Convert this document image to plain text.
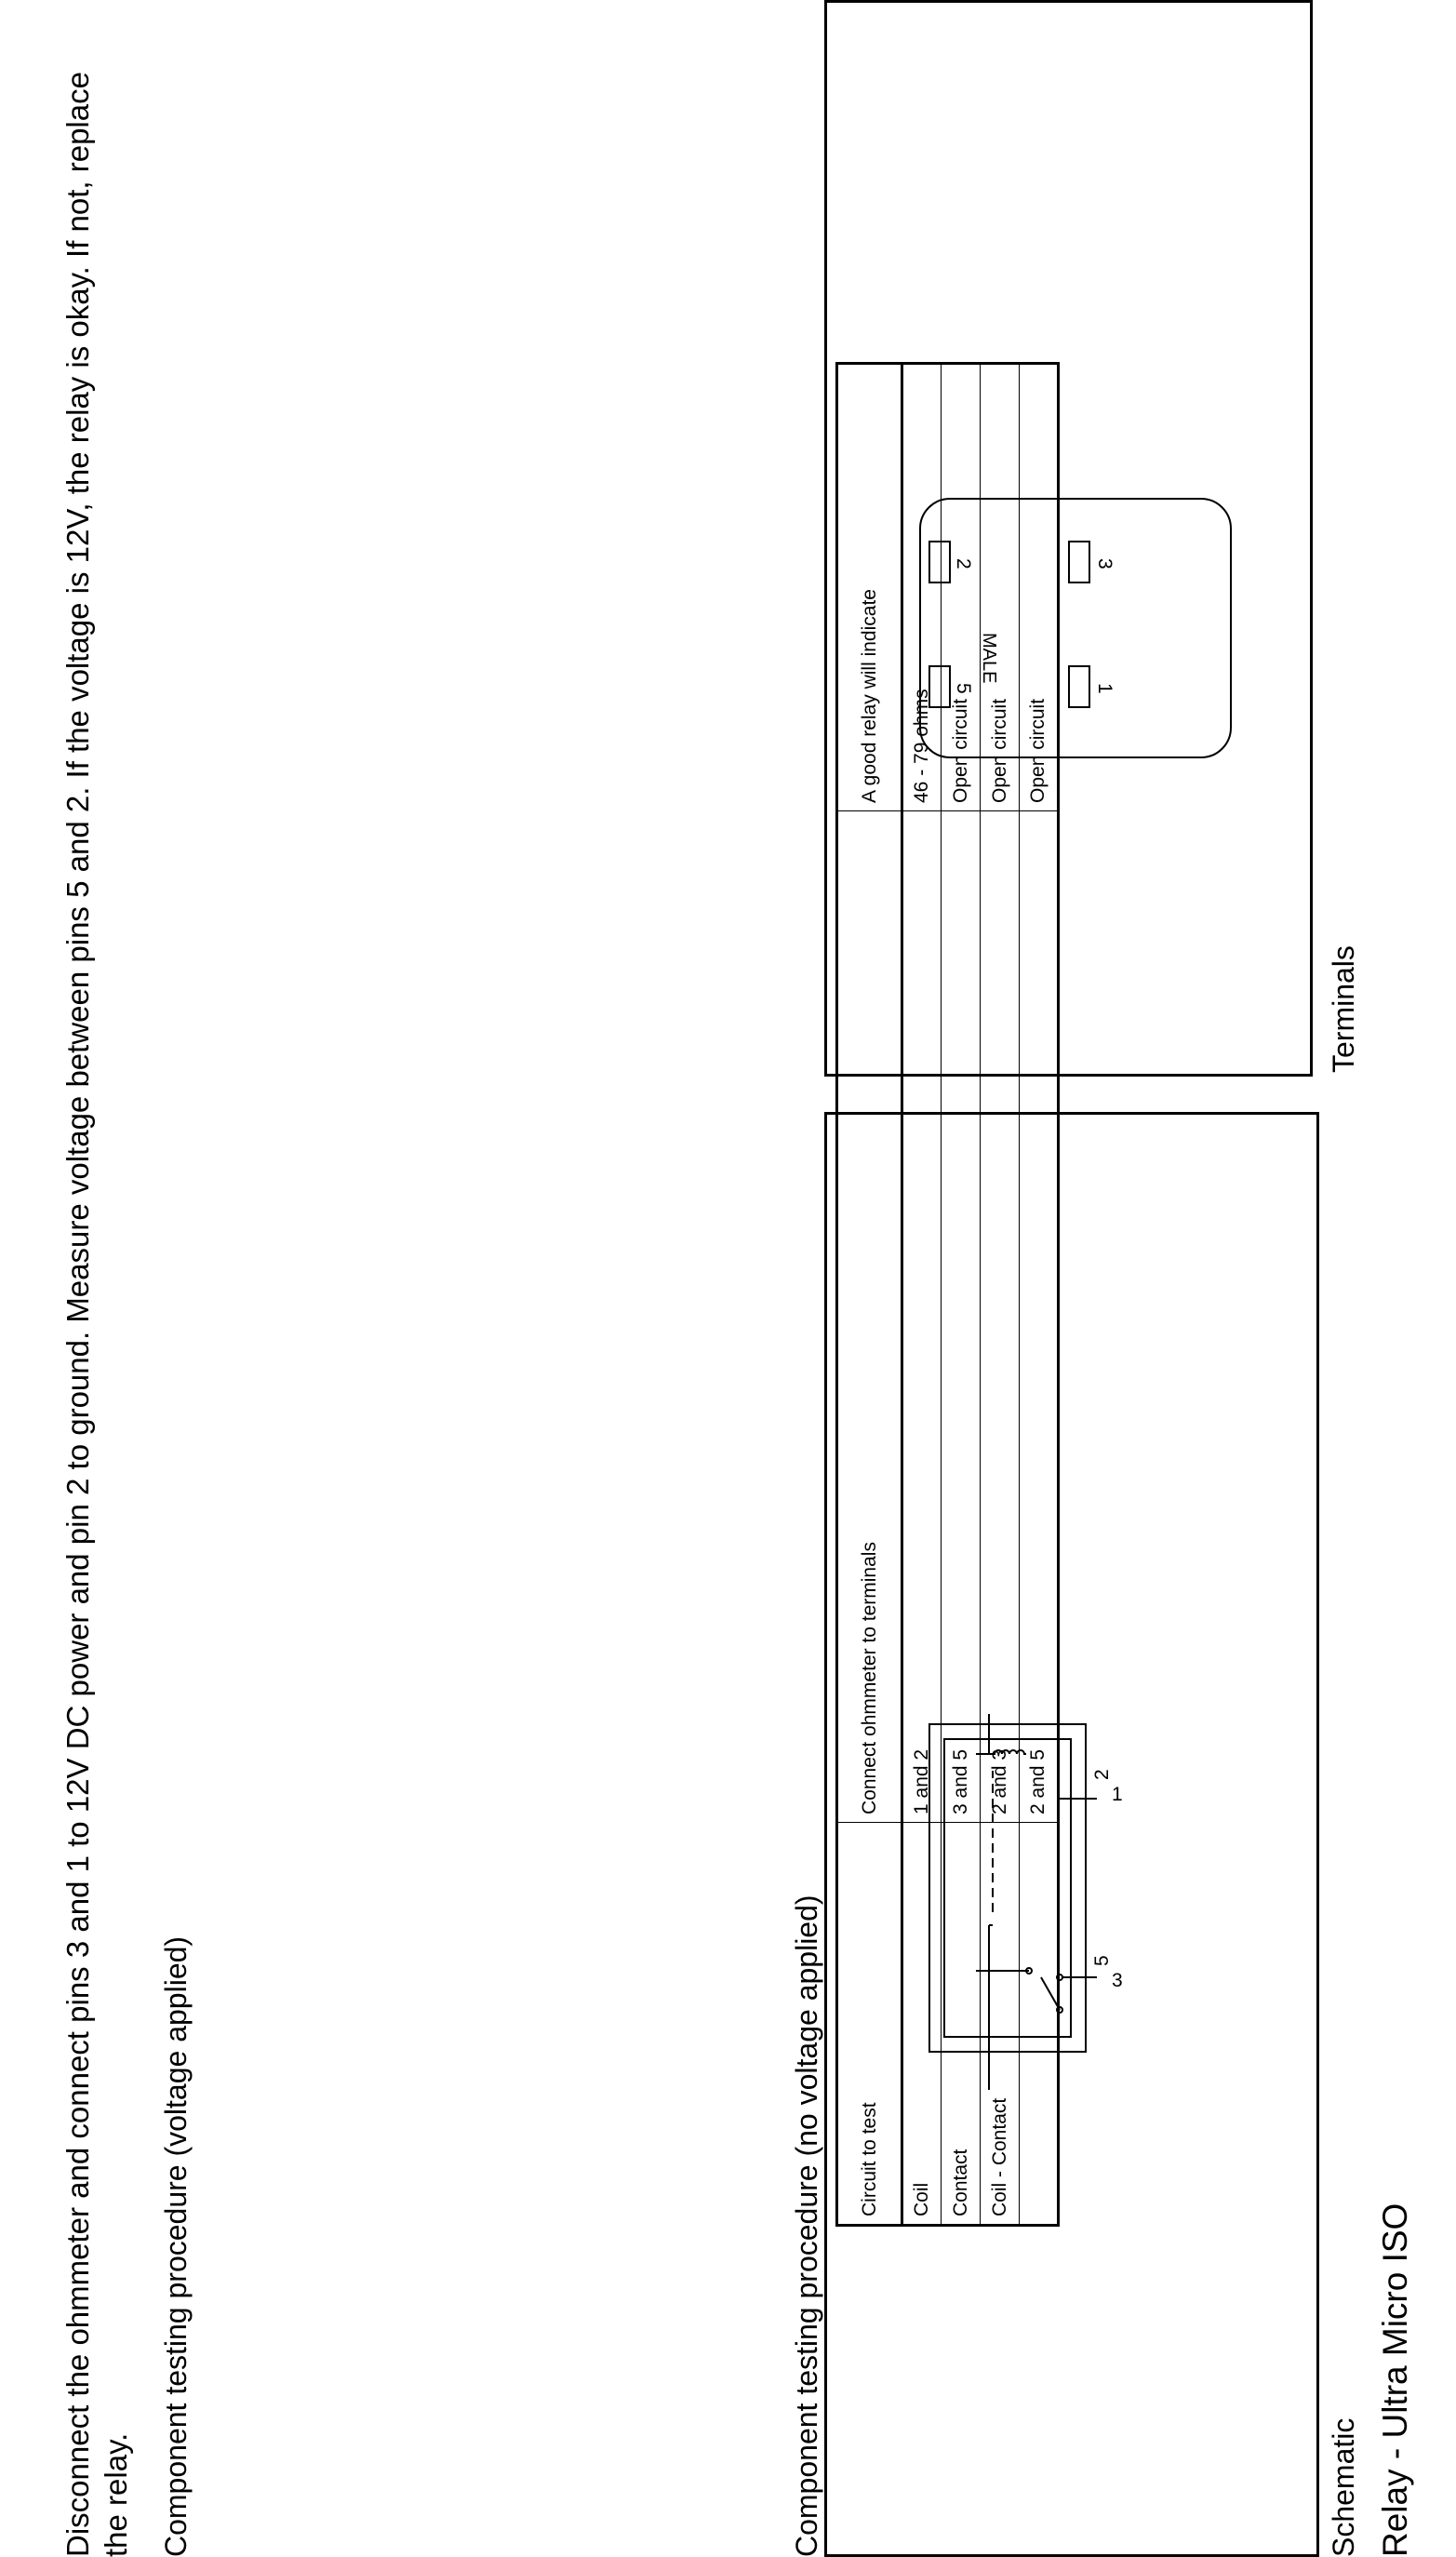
Relay - Ultra Micro ISO
Schematic
Terminals
5
3
2
1
5
2
1
3
MALE
Component testing procedure (no voltage applied) Circuit to test	Connect ohmmeter to terminals	A good relay will indicate
Coil	1 and 2	46 - 79 ohms
Contact	3 and 5	Open circuit
Coil - Contact	2 and 3	Open circuit
	2 and 5	Open circuit
Component testing procedure (voltage applied)
Disconnect the ohmmeter and connect pins 3 and 1 to 12V DC power and pin 2 to ground. Measure voltage between pins 5 and 2. If the voltage is 12V, the relay is okay. If not, replace the relay.
